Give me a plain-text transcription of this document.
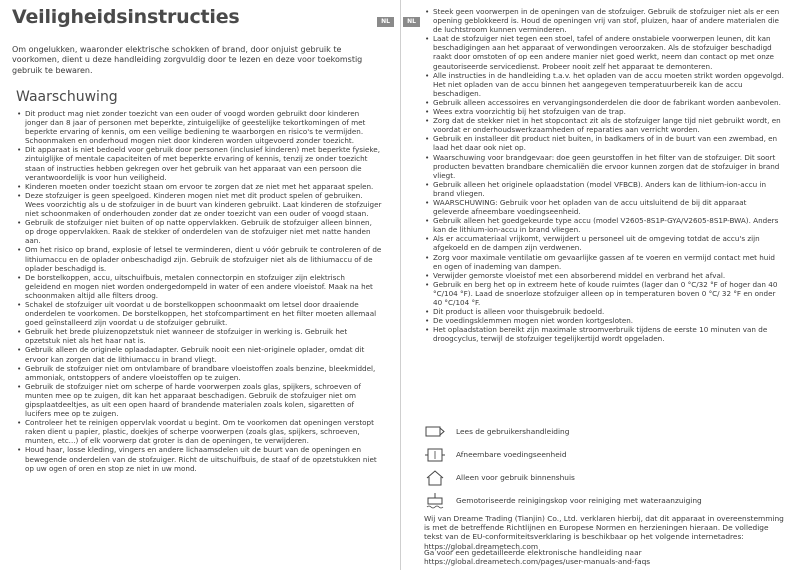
Veiligheidsinstructies	NL

Om ongelukken, waaronder elektrische schokken of brand, door onjuist gebruik te voorkomen, dient u deze handleiding zorgvuldig door te lezen en deze voor toekomstig gebruik te bewaren.

Waarschuwing
• Dit product mag niet zonder toezicht van een ouder of voogd worden gebruikt door kinderen jonger dan 8 jaar of personen met beperkte, zintuigelijke of geestelijke tekortkomingen of met beperkte ervaring of kennis, om een veilige bediening te waarborgen en risico's te vermijden. Schoonmaken en onderhoud mogen niet door kinderen worden uitgevoerd zonder toezicht.
• Dit apparaat is niet bedoeld voor gebruik door personen (inclusief kinderen) met beperkte fysieke, zintuiglijke of mentale capaciteiten of met beperkte ervaring of kennis, tenzij ze onder toezicht staan of instructies hebben gekregen over het gebruik van het apparaat van een persoon die verantwoordelijk is voor hun veiligheid.
• Kinderen moeten onder toezicht staan om ervoor te zorgen dat ze niet met het apparaat spelen.
• Deze stofzuiger is geen speelgoed. Kinderen mogen niet met dit product spelen of gebruiken. Wees voorzichtig als u de stofzuiger in de buurt van kinderen gebruikt. Laat kinderen de stofzuiger niet schoonmaken of onderhouden zonder dat ze onder toezicht van een ouder of voogd staan.
• Gebruik de stofzuiger niet buiten of op natte oppervlakken. Gebruik de stofzuiger alleen binnen, op droge oppervlakken. Raak de stekker of onderdelen van de stofzuiger niet met natte handen aan.
• Om het risico op brand, explosie of letsel te verminderen, dient u vóór gebruik te controleren of de lithiumaccu en de oplader onbeschadigd zijn. Gebruik de stofzuiger niet als de lithiumaccu of de oplader beschadigd is.
• De borstelkoppen, accu, uitschuifbuis, metalen connectorpin en stofzuiger zijn elektrisch geleidend en mogen niet worden ondergedompeld in water of een andere vloeistof. Maak na het schoonmaken altijd alle filters droog.
• Schakel de stofzuiger uit voordat u de borstelkoppen schoonmaakt om letsel door draaiende onderdelen te voorkomen. De borstelkoppen, het stofcompartiment en het filter moeten allemaal goed geïnstalleerd zijn voordat u de stofzuiger gebruikt.
• Gebruik het brede pluizenopzetstuk niet wanneer de stofzuiger in werking is. Gebruik het opzetstuk niet als het haar nat is.
• Gebruik alleen de originele oplaadadapter. Gebruik nooit een niet-originele oplader, omdat dit ervoor kan zorgen dat de lithiumaccu in brand vliegt.
• Gebruik de stofzuiger niet om ontvlambare of brandbare vloeistoffen zoals benzine, bleekmiddel, ammoniak, ontstoppers of andere vloeistoffen op te zuigen.
• Gebruik de stofzuiger niet om scherpe of harde voorwerpen zoals glas, spijkers, schroeven of munten mee op te zuigen, dit kan het apparaat beschadigen. Gebruik de stofzuiger niet om gipsplaatdeeltjes, as uit een open haard of brandende materialen zoals kolen, sigaretten of lucifers mee op te zuigen.
• Controleer het te reinigen oppervlak voordat u begint. Om te voorkomen dat openingen verstopt raken dient u papier, plastic, doekjes of scherpe voorwerpen (zoals glas, spijkers, schroeven, munten, etc...) of elk voorwerp dat groter is dan de openingen, te verwijderen.
• Houd haar, losse kleding, vingers en andere lichaamsdelen uit de buurt van de openingen en bewegende onderdelen van de stofzuiger. Richt de uitschuifbuis, de staaf of de opzetstukken niet op uw ogen of oren en stop ze niet in uw mond.
• Steek geen voorwerpen in de openingen van de stofzuiger. Gebruik de stofzuiger niet als er een opening geblokkeerd is. Houd de openingen vrij van stof, pluizen, haar of andere materialen die de luchtstroom kunnen verminderen.
• Laat de stofzuiger niet tegen een stoel, tafel of andere onstabiele voorwerpen leunen, dit kan beschadigingen aan het apparaat of verwondingen veroorzaken. Als de stofzuiger beschadigd raakt door omstoten of op een andere manier niet goed werkt, neem dan contact op met onze geautoriseerde servicedienst. Probeer nooit zelf het apparaat te demonteren.
• Alle instructies in de handleiding t.a.v. het opladen van de accu moeten strikt worden opgevolgd. Het niet opladen van de accu binnen het aangegeven temperatuurbereik kan de accu beschadigen.
• Gebruik alleen accessoires en vervangingsonderdelen die door de fabrikant worden aanbevolen.
• Wees extra voorzichtig bij het stofzuigen van de trap.
• Zorg dat de stekker niet in het stopcontact zit als de stofzuiger lange tijd niet gebruikt wordt, en voordat er onderhoudswerkzaamheden of reparaties aan verricht worden.
• Gebruik en installeer dit product niet buiten, in badkamers of in de buurt van een zwembad, en laad het daar ook niet op.
• Waarschuwing voor brandgevaar: doe geen geurstoffen in het filter van de stofzuiger. Dit soort producten bevatten brandbare chemicaliën die ervoor kunnen zorgen dat de stofzuiger in brand vliegt.
• Gebruik alleen het originele oplaadstation (model VFBCB). Anders kan de lithium-ion-accu in brand vliegen.
• WAARSCHUWING: Gebruik voor het opladen van de accu uitsluitend de bij dit apparaat geleverde afneembare voedingseenheid.
• Gebruik alleen het goedgekeurde type accu (model V2605-8S1P-GYA/V2605-8S1P-BWA). Anders kan de lithium-ion-accu in brand vliegen.
• Als er accumateriaal vrijkomt, verwijdert u personeel uit de omgeving totdat de accu's zijn afgekoeld en de dampen zijn verdwenen.
• Zorg voor maximale ventilatie om gevaarlijke gassen af te voeren en vermijd contact met huid en ogen of inademing van dampen.
• Verwijder gemorste vloeistof met een absorberend middel en verbrand het afval.
• Gebruik en berg het op in extreem hete of koude ruimtes (lager dan 0 °C/32 °F of hoger dan 40 °C/104 °F). Laad de snoerloze stofzuiger alleen op in temperaturen boven 0 °C/ 32 °F en onder 40 °C/104 °F.
• Dit product is alleen voor thuisgebruik bedoeld.
• De voedingsklemmen mogen niet worden kortgesloten.
• Het oplaadstation bereikt zijn maximale stroomverbruik tijdens de eerste 10 minuten van de droogcyclus, terwijl de stofzuiger tegelijkertijd wordt opgeladen.
Lees de gebruikershandleiding
Afneembare voedingseenheid
Alleen voor gebruik binnenshuis
Gemotoriseerde reinigingskop voor reiniging met wateraanzuiging

Wij van Dreame Trading (Tianjin) Co., Ltd. verklaren hierbij, dat dit apparaat in overeenstemming is met de betreffende Richtlijnen en Europese Normen en herzieningen hieraan. De volledige tekst van de EU-conformiteitsverklaring is beschikbaar op het volgende internetadres: https://global.dreametech.com

Ga voor een gedetailleerde elektronische handleiding naar https://global.dreametech.com/pages/user-manuals-and-faqs

NL
